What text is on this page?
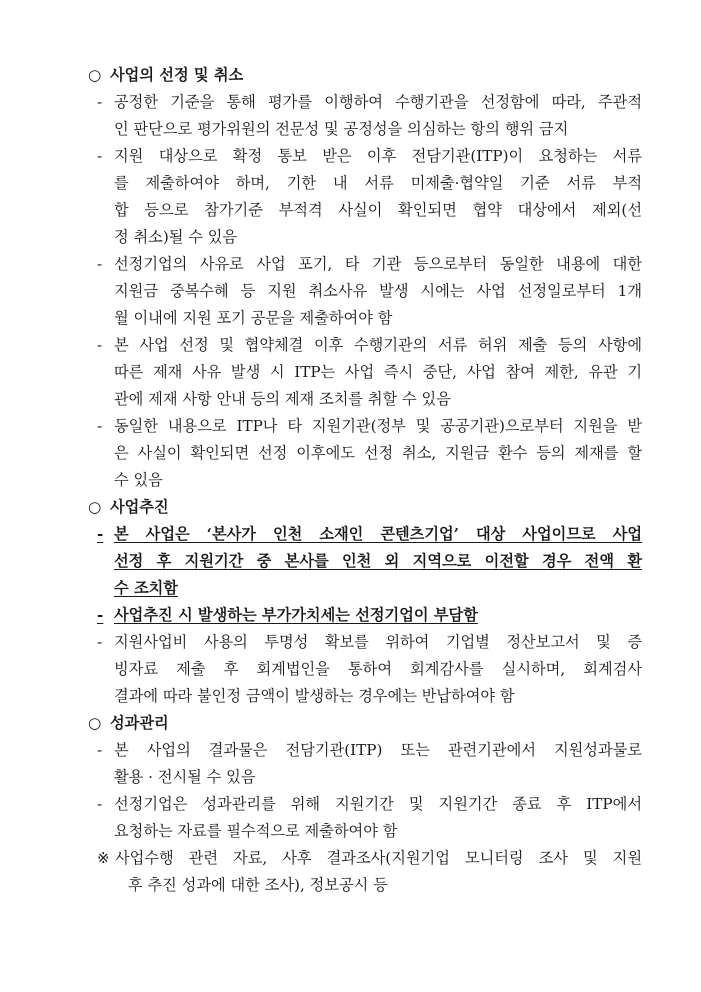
○ 사업의 선정 및 취소
- 공정한 기준을 통해 평가를 이행하여 수행기관을 선정함에 따라, 주관적
인 판단으로 평가위원의 전문성 및 공정성을 의심하는 항의 행위 금지
- 지원 대상으로 확정 통보 받은 이후 전담기관(ITP)이 요청하는 서류
를 제출하여야 하며, 기한 내 서류 미제출·협약일 기준 서류 부적
합 등으로 참가기준 부적격 사실이 확인되면 협약 대상에서 제외(선
정 취소)될 수 있음
- 선정기업의 사유로 사업 포기, 타 기관 등으로부터 동일한 내용에 대한
지원금 중복수혜 등 지원 취소사유 발생 시에는 사업 선정일로부터 1개
월 이내에 지원 포기 공문을 제출하여야 함
- 본 사업 선정 및 협약체결 이후 수행기관의 서류 허위 제출 등의 사항에
따른 제재 사유 발생 시 ITP는 사업 즉시 중단, 사업 참여 제한, 유관 기
관에 제재 사항 안내 등의 제재 조치를 취할 수 있음
- 동일한 내용으로 ITP나 타 지원기관(정부 및 공공기관)으로부터 지원을 받
은 사실이 확인되면 선정 이후에도 선정 취소, 지원금 환수 등의 제재를 할
수 있음
○ 사업추진
- 본 사업은 ‘본사가 인천 소재인 콘텐츠기업’ 대상 사업이므로 사업
선정 후 지원기간 중 본사를 인천 외 지역으로 이전할 경우 전액 환
수 조치함
- 사업추진 시 발생하는 부가가치세는 선정기업이 부담함
- 지원사업비 사용의 투명성 확보를 위하여 기업별 정산보고서 및 증
빙자료 제출 후 회계법인을 통하여 회계감사를 실시하며, 회계검사
결과에 따라 불인정 금액이 발생하는 경우에는 반납하여야 함
○ 성과관리
- 본 사업의 결과물은 전담기관(ITP) 또는 관련기관에서 지원성과물로
활용 · 전시될 수 있음
- 선정기업은 성과관리를 위해 지원기간 및 지원기간 종료 후 ITP에서
요청하는 자료를 필수적으로 제출하여야 함
※ 사업수행 관련 자료, 사후 결과조사(지원기업 모니터링 조사 및 지원
후 추진 성과에 대한 조사), 정보공시 등
